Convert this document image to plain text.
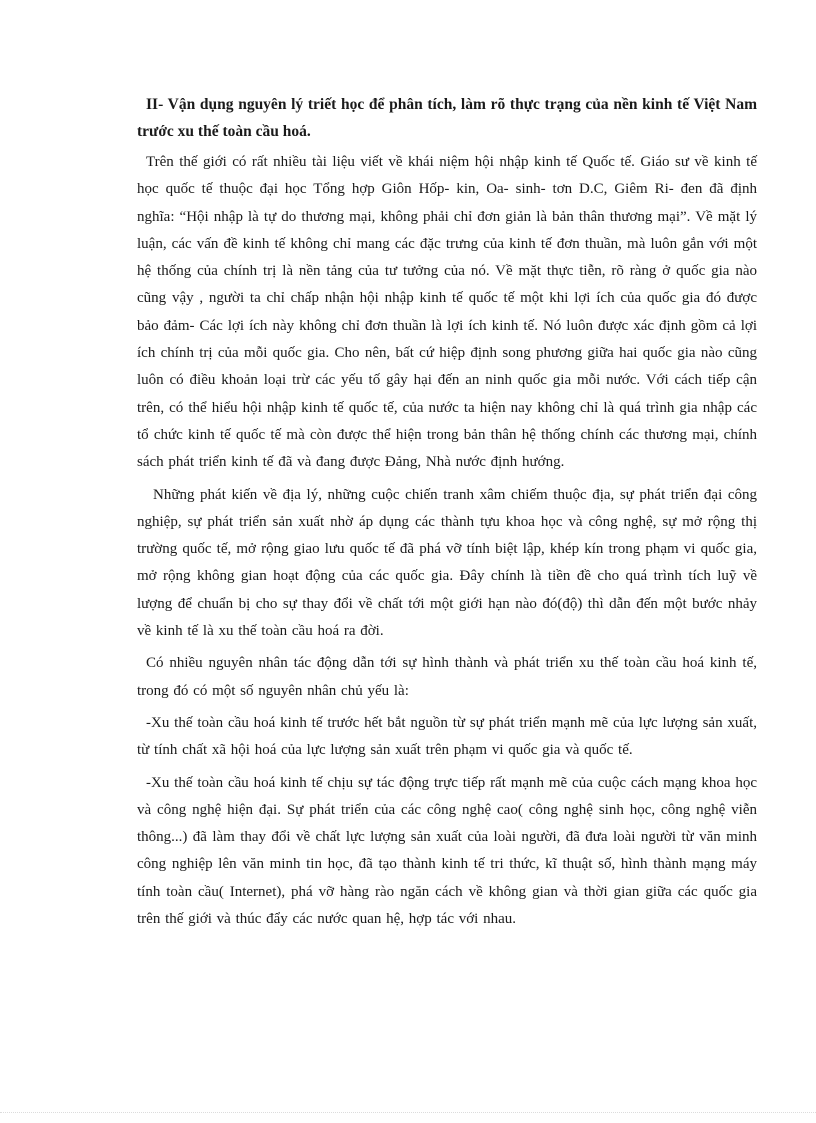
II- Vận dụng nguyên lý triết học để phân tích, làm rõ thực trạng của nền kinh tế Việt Nam trước xu thế toàn cầu hoá.

Trên thế giới có rất nhiều tài liệu viết về khái niệm hội nhập kinh tế Quốc tế. Giáo sư về kinh tế học quốc tế thuộc đại học Tổng hợp Giôn Hốp- kin, Oa- sinh- tơn D.C, Giêm Ri- đen đã định nghĩa: “Hội nhập là tự do thương mại, không phải chỉ đơn giản là bản thân thương mại”. Về mặt lý luận, các vấn đề kinh tế không chỉ mang các đặc trưng của kinh tế đơn thuần, mà luôn gắn với một hệ thống của chính trị là nền tảng của tư tưởng của nó. Về mặt thực tiễn, rõ ràng ở quốc gia nào cũng vậy , người ta chỉ chấp nhận hội nhập kinh tế quốc tế một khi lợi ích của quốc gia đó được bảo đảm- Các lợi ích này không chỉ đơn thuần là lợi ích kinh tế. Nó luôn được xác định gồm cả lợi ích chính trị của mỗi quốc gia. Cho nên, bất cứ hiệp định song phương giữa hai quốc gia nào cũng luôn có điều khoản loại trừ các yếu tố gây hại đến an ninh quốc gia mỗi nước. Với cách tiếp cận trên, có thể hiểu hội nhập kinh tế quốc tế, của nước ta hiện nay không chỉ là quá trình gia nhập các tổ chức kinh tế quốc tế mà còn được thể hiện trong bản thân hệ thống chính các thương mại, chính sách phát triển kinh tế đã và đang được Đảng, Nhà nước định hướng.

Những phát kiến về địa lý, những cuộc chiến tranh xâm chiếm thuộc địa, sự phát triển đại công nghiệp, sự phát triển sản xuất nhờ áp dụng các thành tựu khoa học và công nghệ, sự mở rộng thị trường quốc tế, mở rộng giao lưu quốc tế đã phá vỡ tính biệt lập, khép kín trong phạm vi quốc gia, mở rộng không gian hoạt động của các quốc gia. Đây chính là tiền đề cho quá trình tích luỹ về lượng để chuẩn bị cho sự thay đổi về chất tới một giới hạn nào đó(độ) thì dẫn đến một bước nhảy về kinh tế là xu thế toàn cầu hoá ra đời.

Có nhiều nguyên nhân tác động dẫn tới sự hình thành và phát triển xu thế toàn cầu hoá kinh tế, trong đó có một số nguyên nhân chủ yếu là:

-Xu thế toàn cầu hoá kinh tế trước hết bắt nguồn từ sự phát triển mạnh mẽ của lực lượng sản xuất, từ tính chất xã hội hoá của lực lượng sản xuất trên phạm vi quốc gia và quốc tế.

-Xu thế toàn cầu hoá kinh tế chịu sự tác động trực tiếp rất mạnh mẽ của cuộc cách mạng khoa học và công nghệ hiện đại. Sự phát triển của các công nghệ cao( công nghệ sinh học, công nghệ viễn thông...) đã làm thay đổi về chất lực lượng sản xuất của loài người, đã đưa loài người từ văn minh công nghiệp lên văn minh tin học, đã tạo thành kinh tế tri thức, kĩ thuật số, hình thành mạng máy tính toàn cầu( Internet), phá vỡ hàng rào ngăn cách về không gian và thời gian giữa các quốc gia trên thế giới và thúc đẩy các nước quan hệ, hợp tác với nhau.
